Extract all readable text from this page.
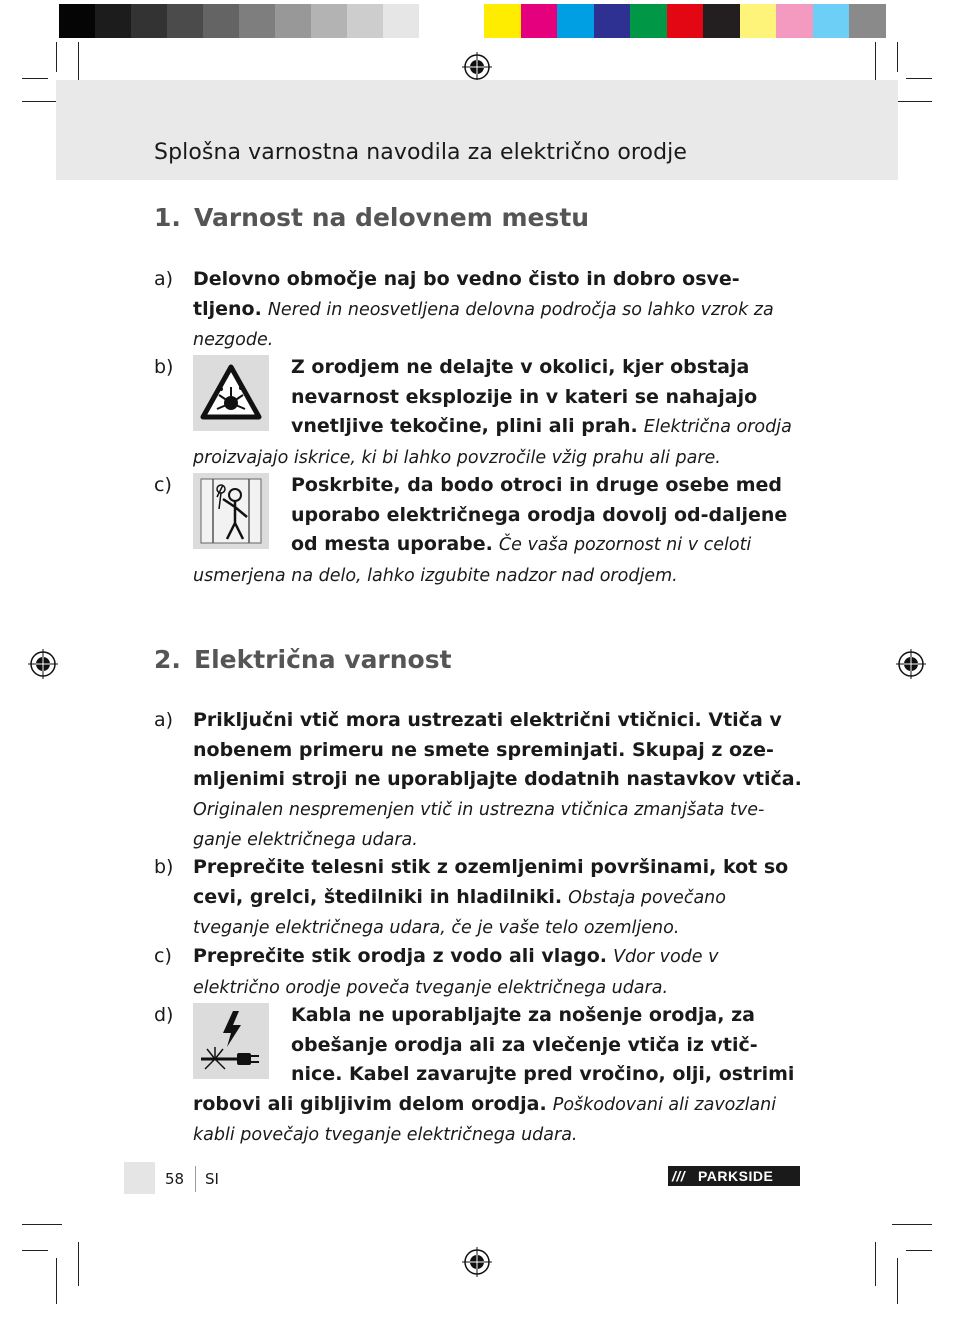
Splošna varnostna navodila za električno orodje
1. Varnost na delovnem mestu
a) Delovno območje naj bo vedno čisto in dobro osve-tljeno. Nered in neosvetljena delovna področja so lahko vzrok za nezgode.
b)	Z orodjem ne delajte v okolici, kjer obstaja nevarnost eksplozije in v kateri se nahajajo vnetljive tekočine, plini ali prah. Električna orodja proizvajajo iskrice, ki bi lahko povzročile vžig prahu ali pare.
c)	Poskrbite, da bodo otroci in druge osebe med uporabo električnega orodja dovolj od-daljene od mesta uporabe. Če vaša pozornost ni v celoti usmerjena na delo, lahko izgubite nadzor nad orodjem.
2. Električna varnost
a) Priključni vtič mora ustrezati električni vtičnici. Vtiča v nobenem primeru ne smete spreminjati. Skupaj z oze-mljenimi stroji ne uporabljajte dodatnih nastavkov vtiča. Originalen nespremenjen vtič in ustrezna vtičnica zmanjšata tve-ganje električnega udara.
b) Preprečite telesni stik z ozemljenimi površinami, kot so cevi, grelci, štedilniki in hladilniki. Obstaja povečano tveganje električnega udara, če je vaše telo ozemljeno.
c) Preprečite stik orodja z vodo ali vlago. Vdor vode v električno orodje poveča tveganje električnega udara.
d)	Kabla ne uporabljajte za nošenje orodja, za obešanje orodja ali za vlečenje vtiča iz vtič-nice. Kabel zavarujte pred vročino, olji, ostrimi robovi ali gibljivim delom orodja. Poškodovani ali zavozlani kabli povečajo tveganje električnega udara.
58 SI	/// PARKSIDE
